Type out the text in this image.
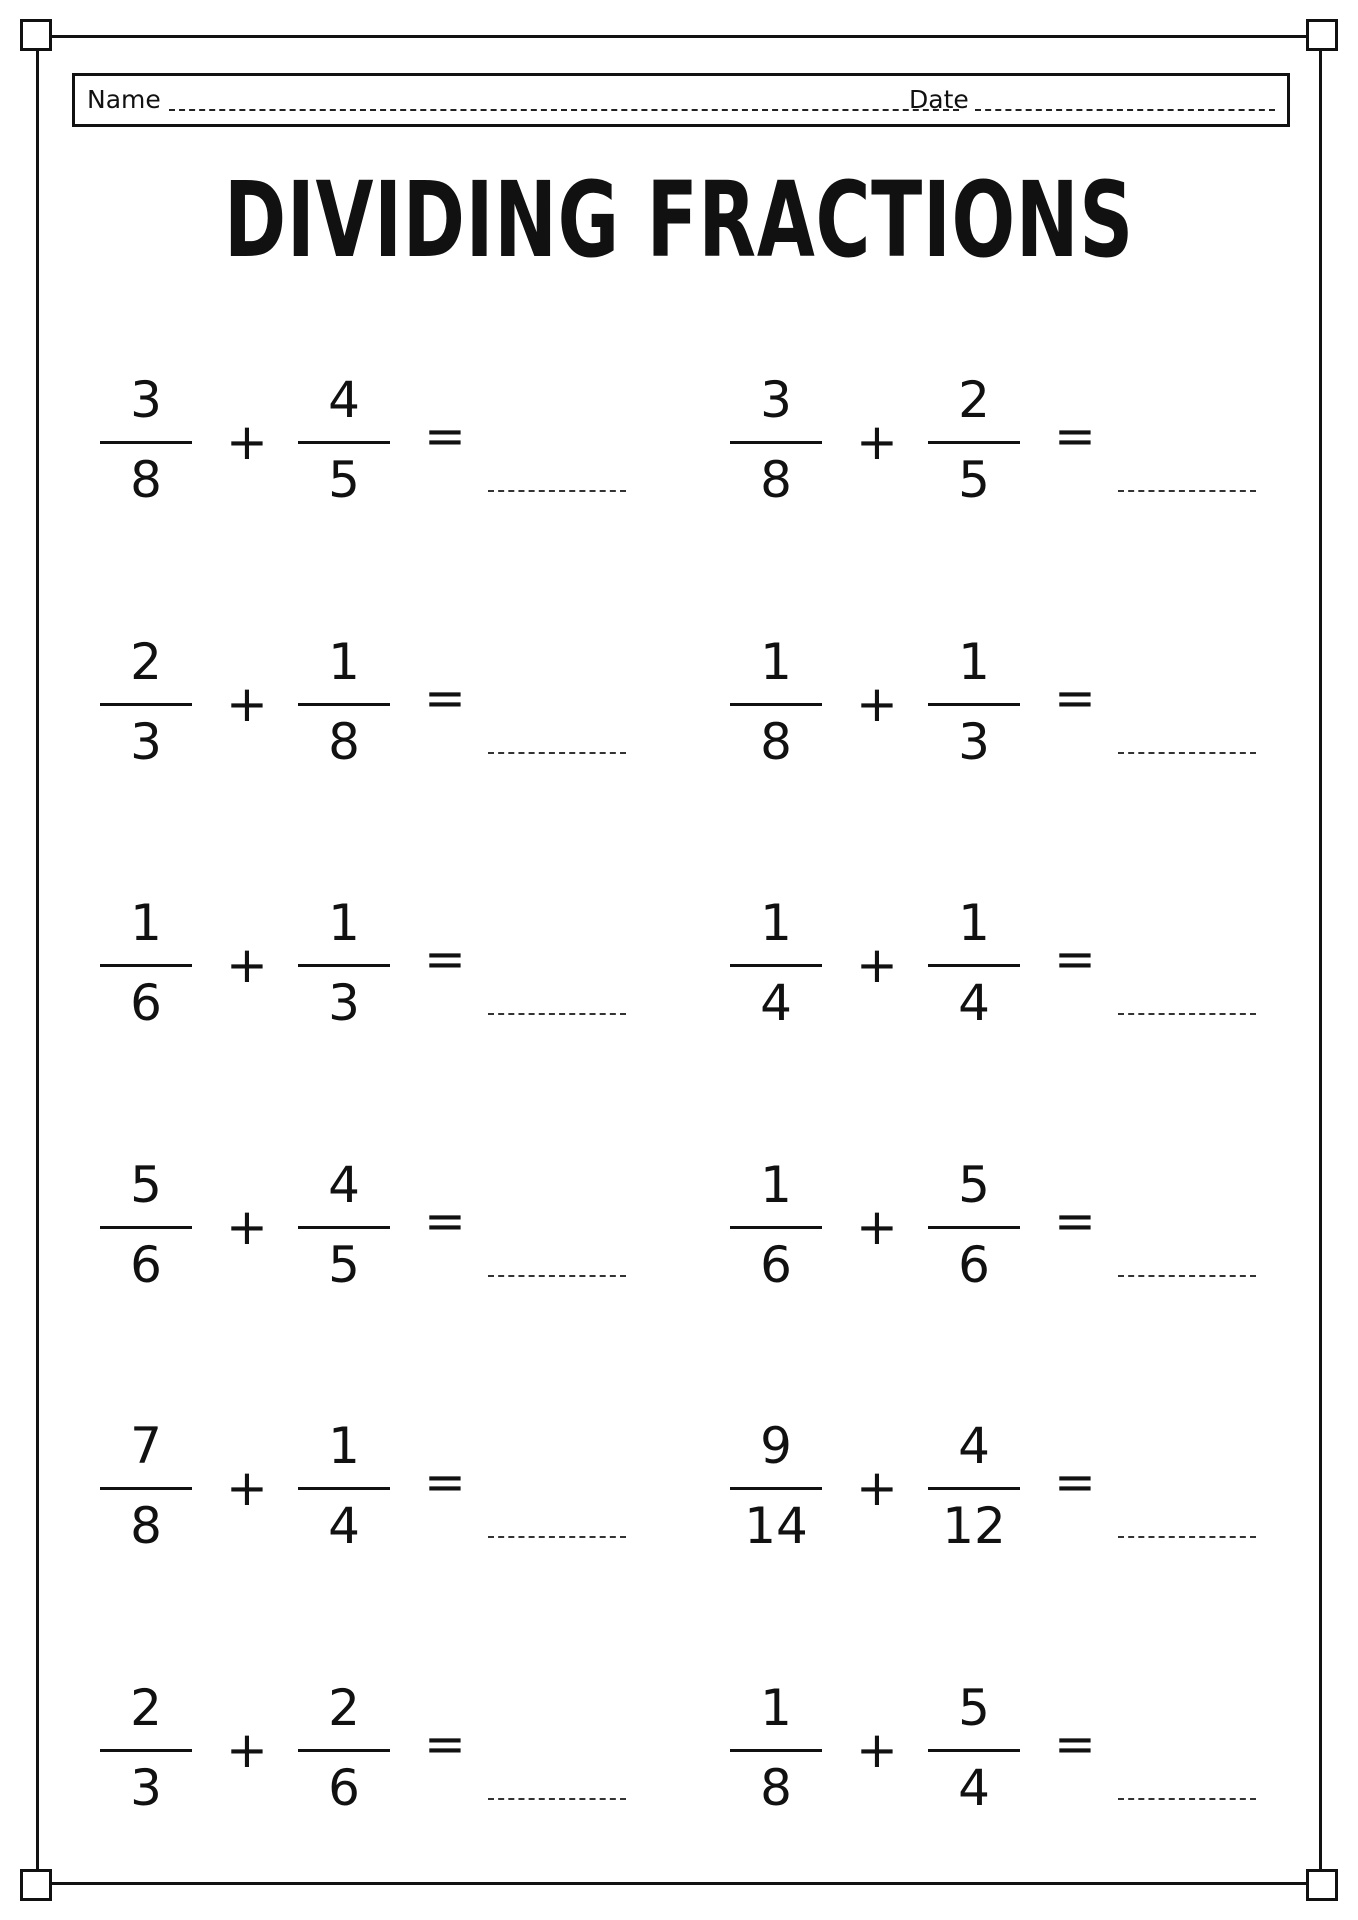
Name	Date
DIVIDING FRACTIONS
3
8
4
5
+	=
3
8
2
5
+	=
2
3
1
8
+	=
1
8
1
3
+	=
1
6
1
3
+	=
1
4
1
4
+	=
5
6
4
5
+	=
1
6
5
6
+	=
7
8
1
4
+	=
9
14
4
12
+	=
2
3
2
6
+	=
1
8
5
4
+	=
